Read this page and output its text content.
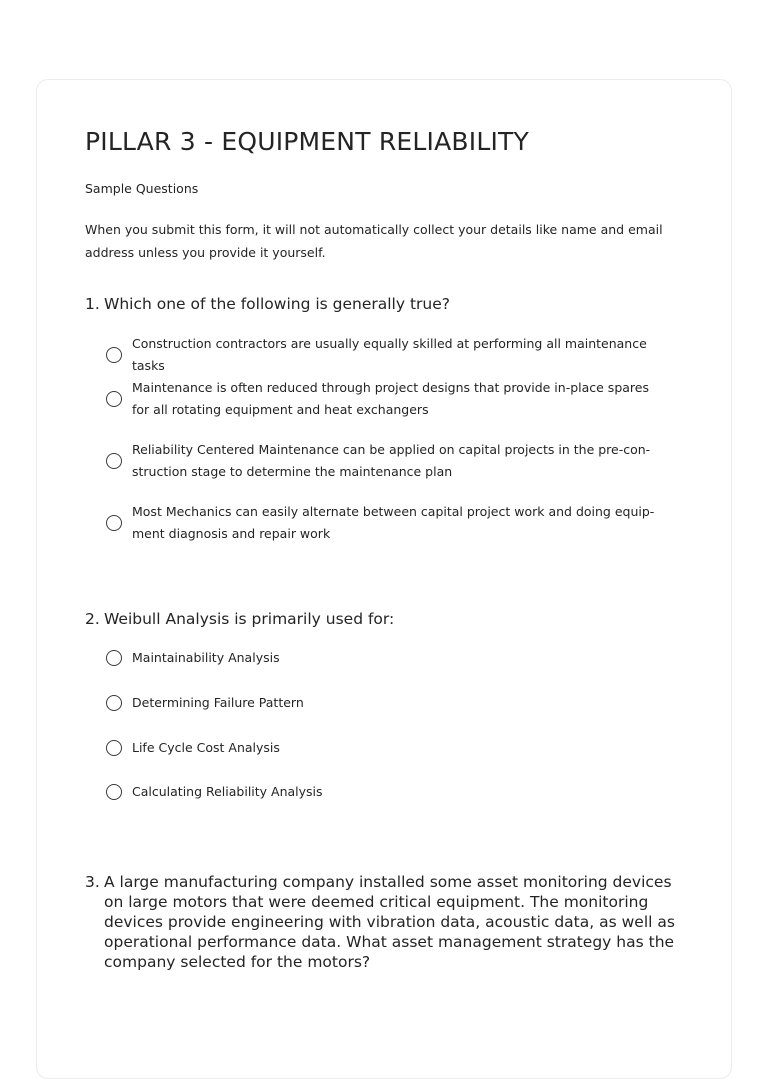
PILLAR 3 - EQUIPMENT RELIABILITY
Sample Questions
When you submit this form, it will not automatically collect your details like name and email address unless you provide it yourself.
1. Which one of the following is generally true?
Construction contractors are usually equally skilled at performing all maintenance tasks
Maintenance is often reduced through project designs that provide in-place spares for all rotating equipment and heat exchangers
Reliability Centered Maintenance can be applied on capital projects in the pre-con-struction stage to determine the maintenance plan
Most Mechanics can easily alternate between capital project work and doing equip-ment diagnosis and repair work
2. Weibull Analysis is primarily used for:
Maintainability Analysis
Determining Failure Pattern
Life Cycle Cost Analysis
Calculating Reliability Analysis
3. A large manufacturing company installed some asset monitoring devices on large motors that were deemed critical equipment. The monitoring devices provide engineering with vibration data, acoustic data, as well as operational performance data. What asset management strategy has the company selected for the motors?
